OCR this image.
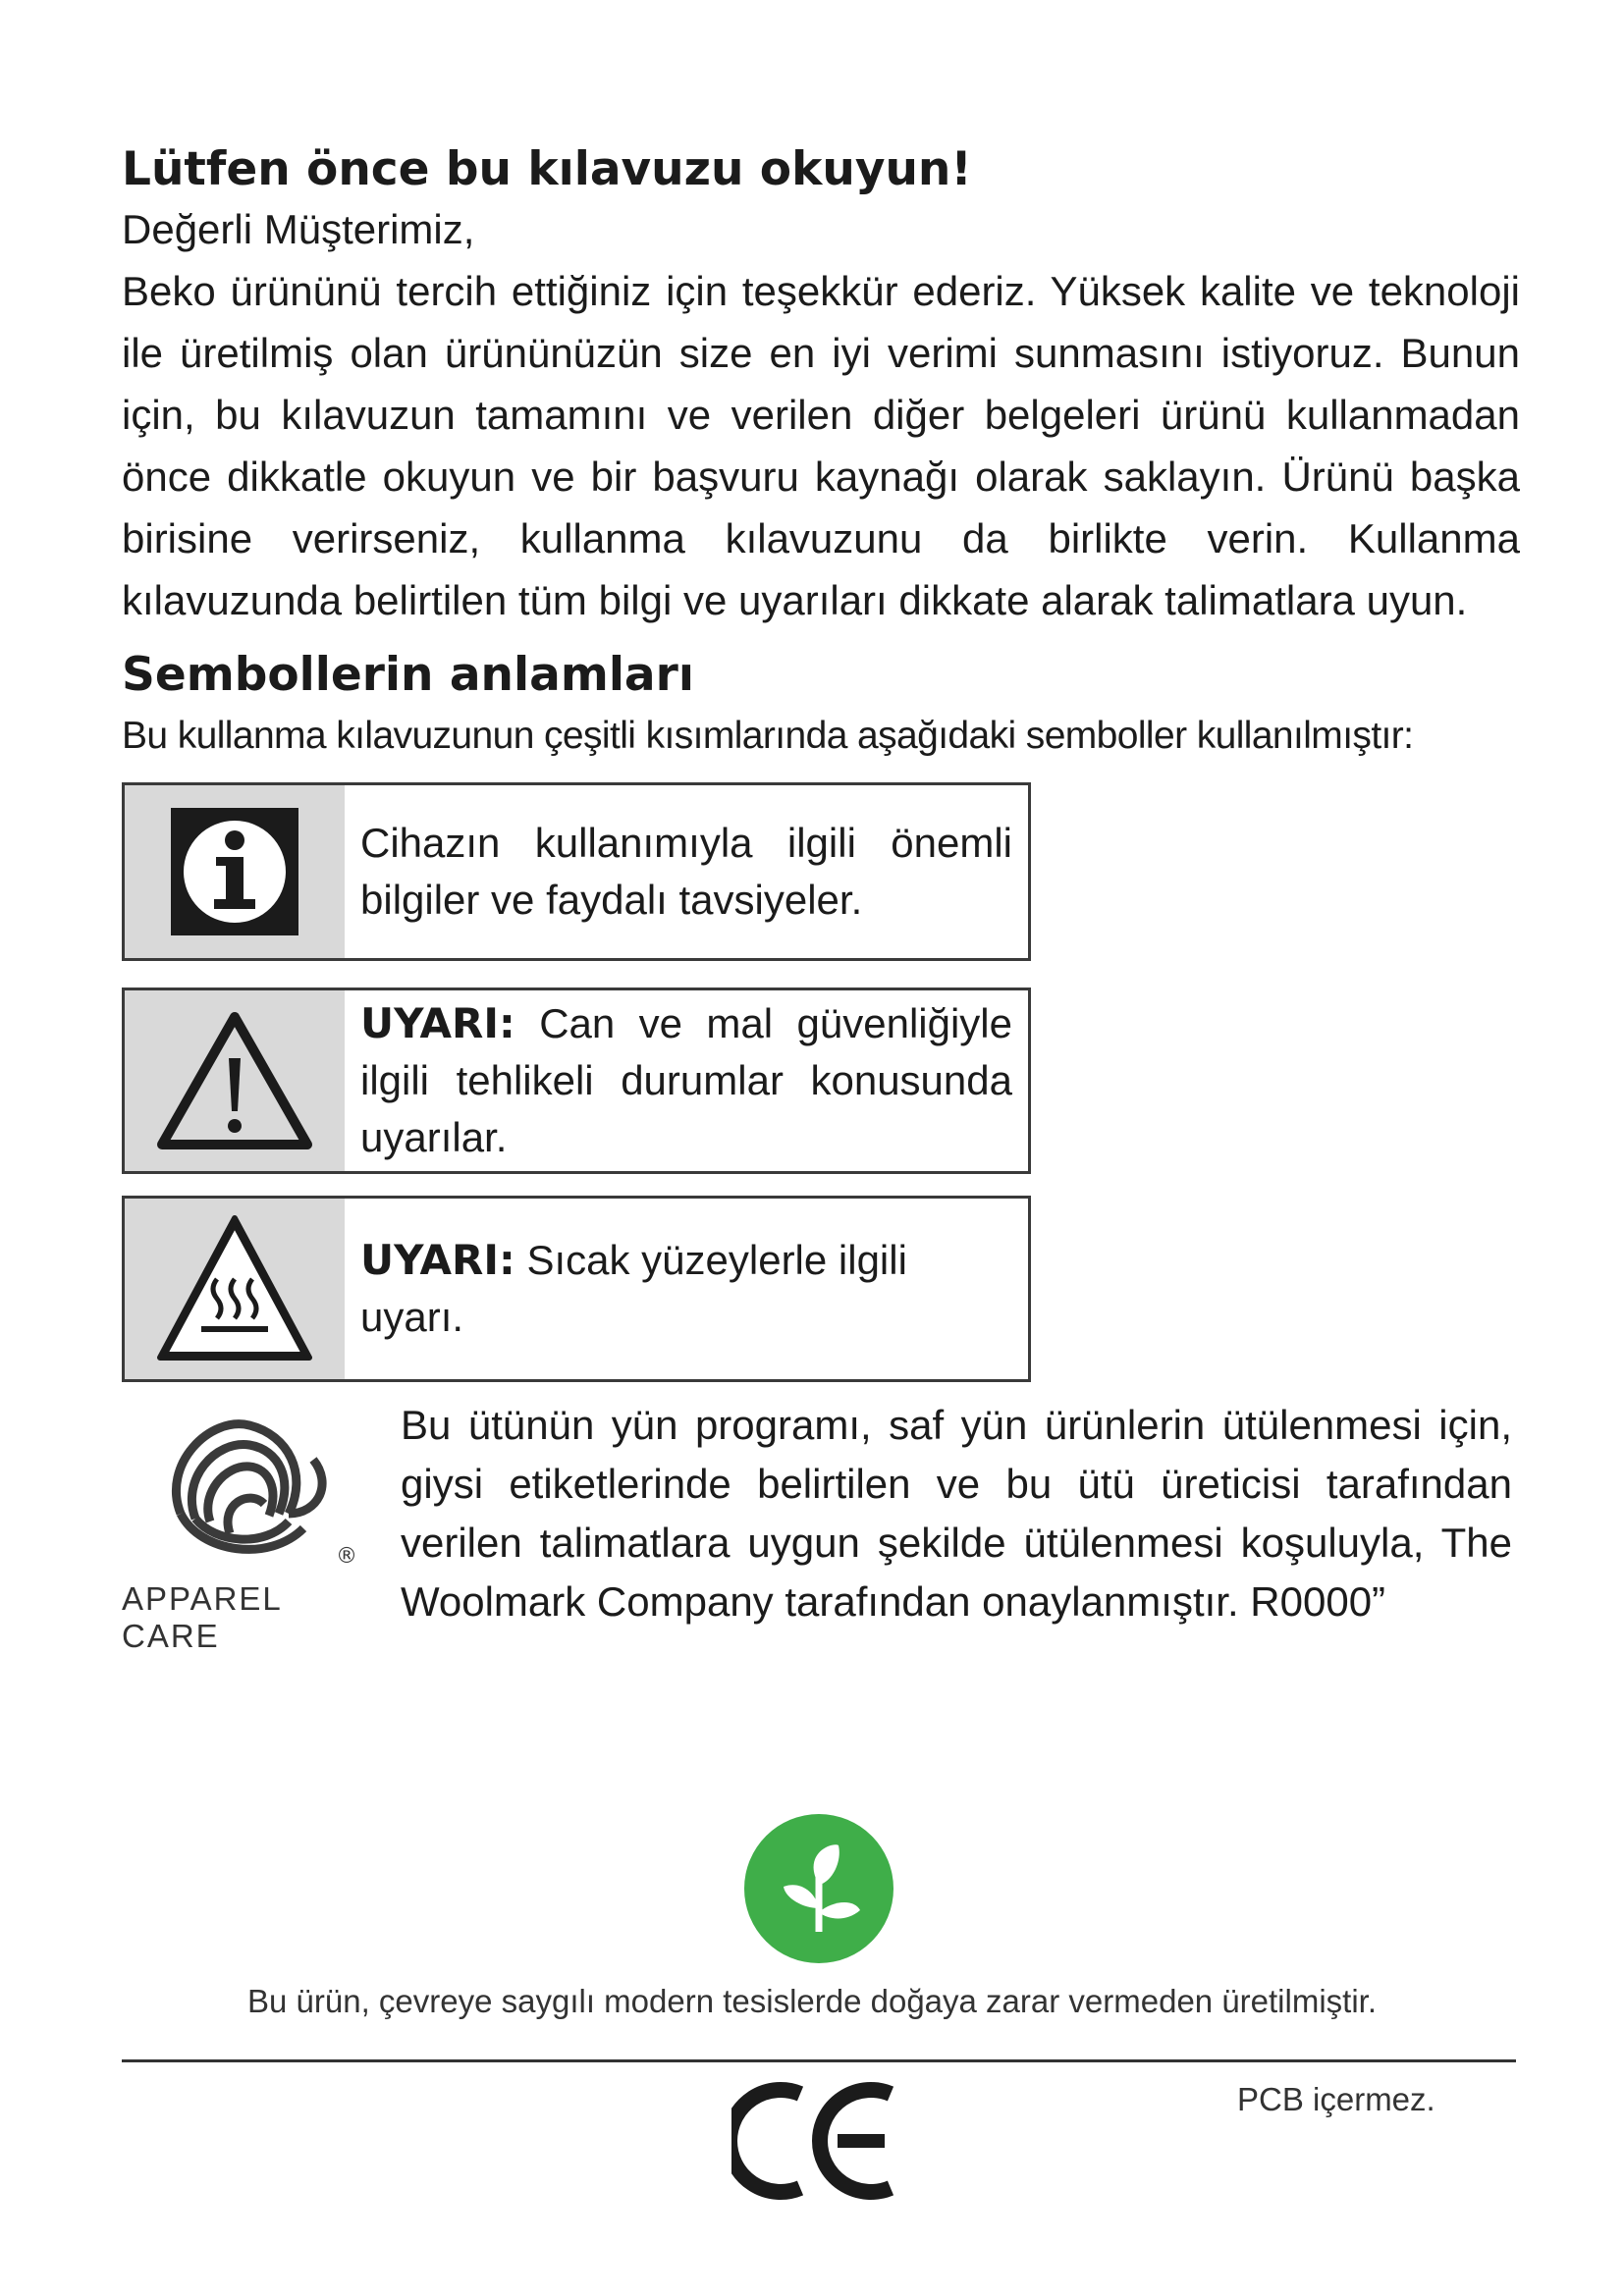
Lütfen önce bu kılavuzu okuyun!
Değerli Müşterimiz,

Beko ürününü tercih ettiğiniz için teşekkür ederiz. Yüksek kalite ve teknoloji ile üretilmiş olan ürününüzün size en iyi verimi sunmasını istiyoruz. Bunun için, bu kılavuzun tamamını ve verilen diğer belgeleri ürünü kullanmadan önce dikkatle okuyun ve bir başvuru kaynağı olarak saklayın. Ürünü başka birisine verirseniz, kullanma kılavuzunu da birlikte verin. Kullanma kılavuzunda belirtilen tüm bilgi ve uyarıları dikkate alarak talimatlara uyun.

Sembollerin anlamları

Bu kullanma kılavuzunun çeşitli kısımlarında aşağıdaki semboller kullanılmıştır:

Cihazın kullanımıyla ilgili önemli bilgiler ve faydalı tavsiyeler.

UYARI: Can ve mal güvenliğiyle ilgili tehlikeli durumlar konusunda uyarılar.

UYARI: Sıcak yüzeylerle ilgili uyarı.

®
APPAREL CARE

Bu ütünün yün programı, saf yün ürünlerin ütülenmesi için, giysi etiketlerinde belirtilen ve bu ütü üreticisi tarafından verilen talimatlara uygun şekilde ütülenmesi koşuluyla, The Woolmark Company tarafından onaylanmıştır. R0000”

Bu ürün, çevreye saygılı modern tesislerde doğaya zarar vermeden üretilmiştir.

PCB içermez.
